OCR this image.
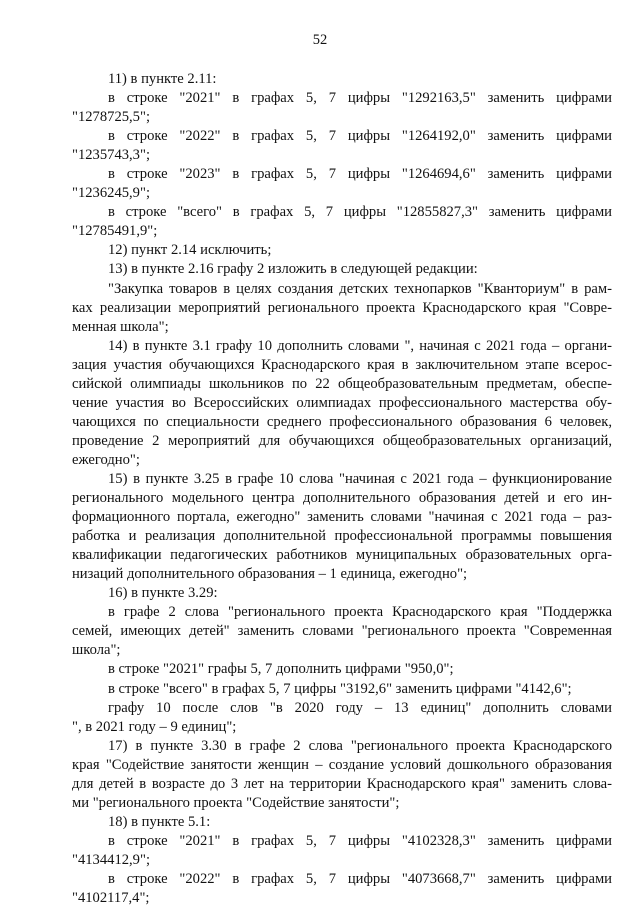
52
11) в пункте 2.11:
в строке "2021" в графах 5, 7 цифры "1292163,5" заменить цифрами
"1278725,5";
в строке "2022" в графах 5, 7 цифры "1264192,0" заменить цифрами
"1235743,3";
в строке "2023" в графах 5, 7 цифры "1264694,6" заменить цифрами
"1236245,9";
в строке "всего" в графах 5, 7 цифры "12855827,3" заменить цифрами
"12785491,9";
12) пункт 2.14 исключить;
13) в пункте 2.16 графу 2 изложить в следующей редакции:
"Закупка товаров в целях создания детских технопарков "Кванториум" в рам-
ках реализации мероприятий регионального проекта Краснодарского края "Совре-
менная школа";
14) в пункте 3.1 графу 10 дополнить словами ", начиная с 2021 года – органи-
зация участия обучающихся Краснодарского края в заключительном этапе всерос-
сийской олимпиады школьников по 22 общеобразовательным предметам, обеспе-
чение участия во Всероссийских олимпиадах профессионального мастерства обу-
чающихся по специальности среднего профессионального образования 6 человек,
проведение 2 мероприятий для обучающихся общеобразовательных организаций,
ежегодно";
15) в пункте 3.25 в графе 10 слова "начиная с 2021 года – функционирование
регионального модельного центра дополнительного образования детей и его ин-
формационного портала, ежегодно" заменить словами "начиная с 2021 года – раз-
работка и реализация дополнительной профессиональной программы повышения
квалификации педагогических работников муниципальных образовательных орга-
низаций дополнительного образования – 1 единица, ежегодно";
16) в пункте 3.29:
в графе 2 слова "регионального проекта Краснодарского края "Поддержка
семей, имеющих детей" заменить словами "регионального проекта "Современная
школа";
в строке "2021" графы 5, 7 дополнить цифрами "950,0";
в строке "всего" в графах 5, 7 цифры "3192,6" заменить цифрами "4142,6";
графу 10 после слов "в 2020 году – 13 единиц" дополнить словами
", в 2021 году – 9 единиц";
17) в пункте 3.30 в графе 2 слова "регионального проекта Краснодарского
края "Содействие занятости женщин – создание условий дошкольного образования
для детей в возрасте до 3 лет на территории Краснодарского края" заменить слова-
ми "регионального проекта "Содействие занятости";
18) в пункте 5.1:
в строке "2021" в графах 5, 7 цифры "4102328,3" заменить цифрами
"4134412,9";
в строке "2022" в графах 5, 7 цифры "4073668,7" заменить цифрами
"4102117,4";
